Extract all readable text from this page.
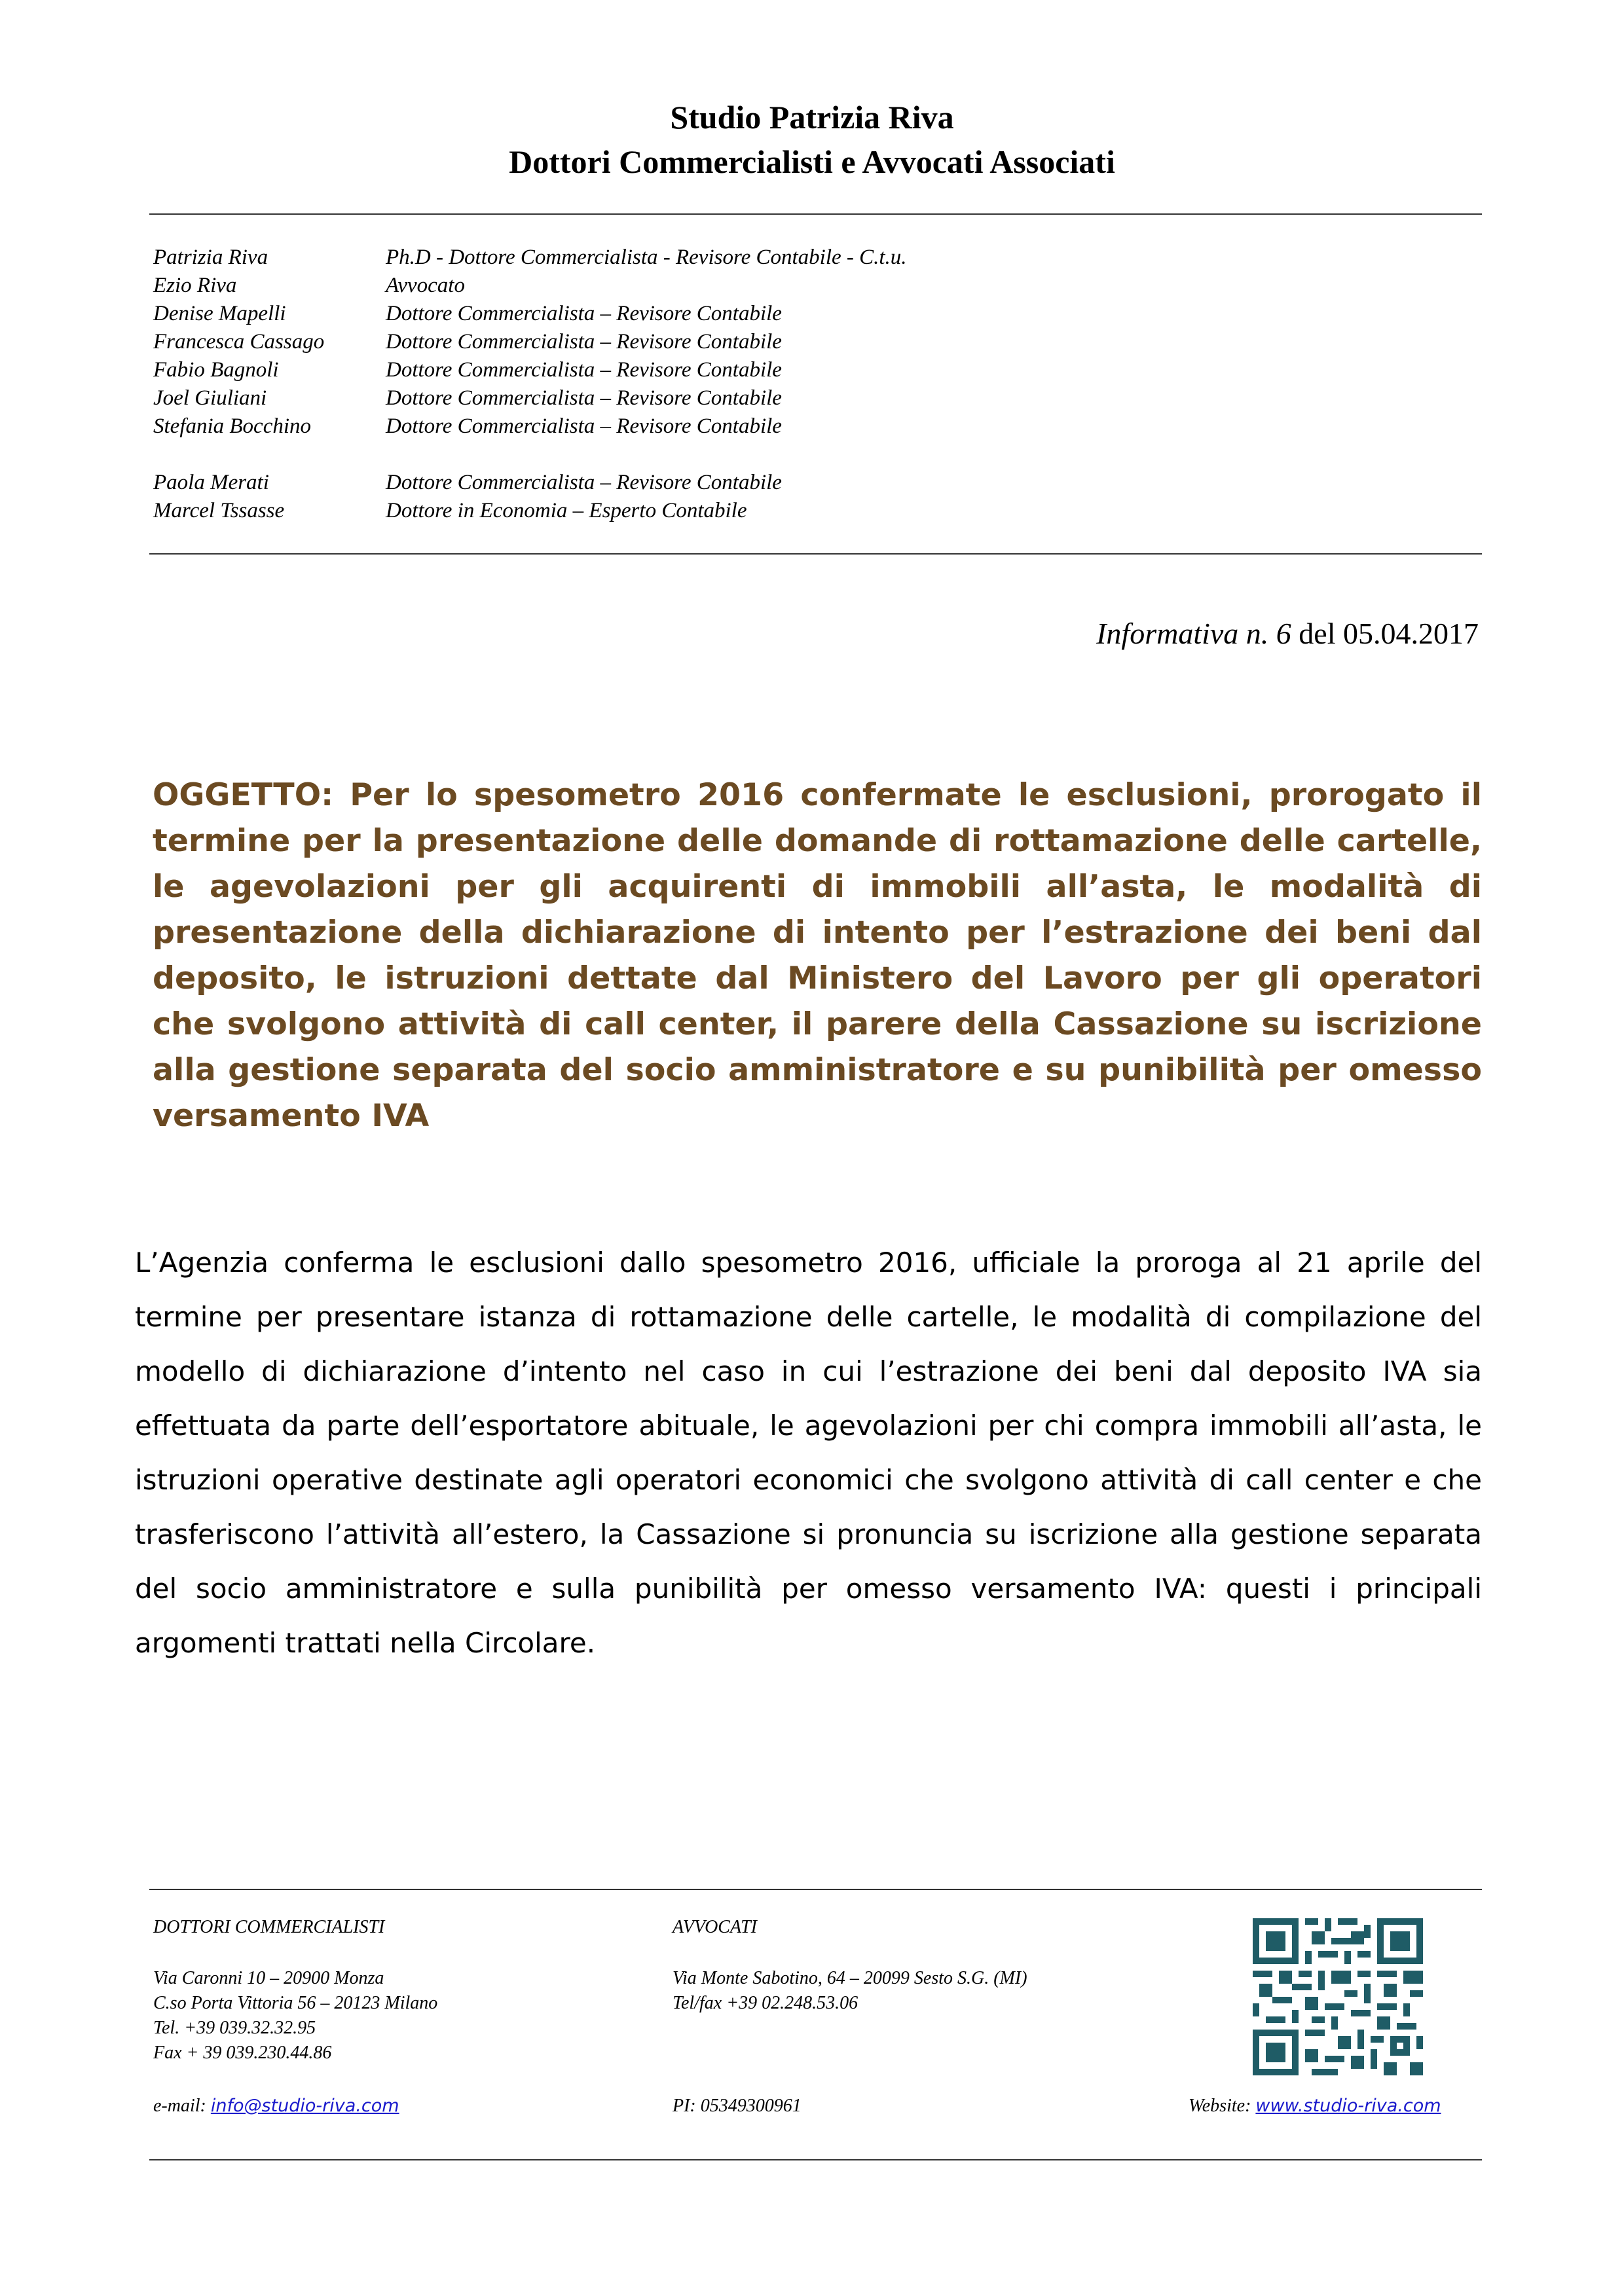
Studio Patrizia Riva
Dottori Commercialisti e Avvocati Associati
Patrizia Riva	Ph.D - Dottore Commercialista - Revisore Contabile - C.t.u.
Ezio Riva	Avvocato
Denise Mapelli	Dottore Commercialista – Revisore Contabile
Francesca Cassago	Dottore Commercialista – Revisore Contabile
Fabio Bagnoli	Dottore Commercialista – Revisore Contabile
Joel Giuliani	Dottore Commercialista – Revisore Contabile
Stefania Bocchino	Dottore Commercialista – Revisore Contabile
Paola Merati	Dottore Commercialista – Revisore Contabile
Marcel Tssasse	Dottore in Economia – Esperto Contabile
Informativa n. 6 del 05.04.2017
OGGETTO: Per lo spesometro 2016 confermate le esclusioni, prorogato il termine per la presentazione delle domande di rottamazione delle cartelle, le agevolazioni per gli acquirenti di immobili all’asta, le modalità di presentazione della dichiarazione di intento per l’estrazione dei beni dal deposito, le istruzioni dettate dal Ministero del Lavoro per gli operatori che svolgono attività di call center, il parere della Cassazione su iscrizione alla gestione separata del socio amministratore e su punibilità per omesso versamento IVA
L’Agenzia conferma le esclusioni dallo spesometro 2016, ufficiale la proroga al 21 aprile del termine per presentare istanza di rottamazione delle cartelle, le modalità di compilazione del modello di dichiarazione d’intento nel caso in cui l’estrazione dei beni dal deposito IVA sia effettuata da parte dell’esportatore abituale, le agevolazioni per chi compra immobili all’asta, le istruzioni operative destinate agli operatori economici che svolgono attività di call center e che trasferiscono l’attività all’estero, la Cassazione si pronuncia su iscrizione alla gestione separata del socio amministratore e sulla punibilità per omesso versamento IVA: questi i principali argomenti trattati nella Circolare.
DOTTORI COMMERCIALISTI
Via Caronni 10 – 20900 Monza
C.so Porta Vittoria 56 – 20123 Milano
Tel. +39 039.32.32.95
Fax + 39 039.230.44.86
e-mail: info@studio-riva.com
AVVOCATI
Via Monte Sabotino, 64 – 20099 Sesto S.G. (MI)
Tel/fax +39 02.248.53.06
PI: 05349300961	Website: www.studio-riva.com
